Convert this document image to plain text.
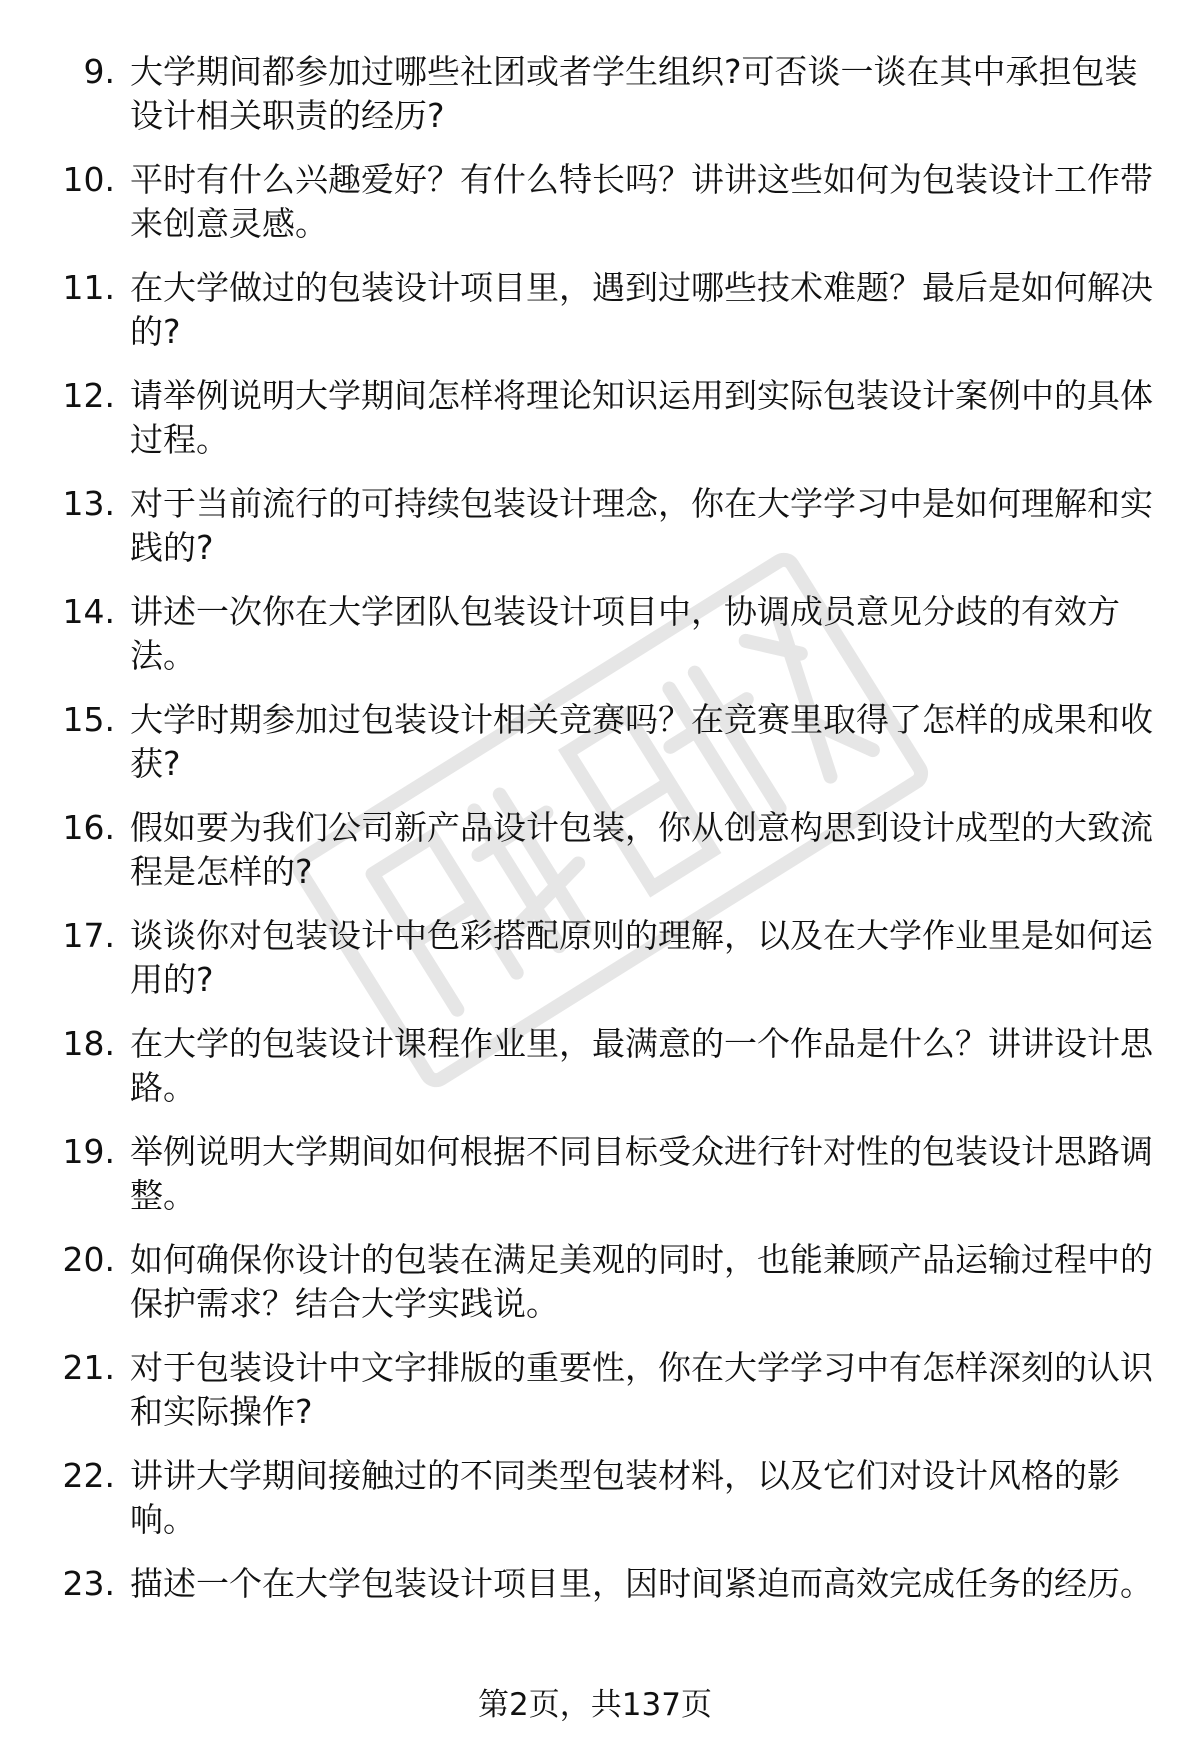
9. 大学期间都参加过哪些社团或者学生组织?可否谈一谈在其中承担包装设计相关职责的经历?
10. 平时有什么兴趣爱好？有什么特长吗？讲讲这些如何为包装设计工作带来创意灵感。
11. 在大学做过的包装设计项目里，遇到过哪些技术难题？最后是如何解决的?
12. 请举例说明大学期间怎样将理论知识运用到实际包装设计案例中的具体过程。
13. 对于当前流行的可持续包装设计理念，你在大学学习中是如何理解和实践的?
14. 讲述一次你在大学团队包装设计项目中，协调成员意见分歧的有效方法。
15. 大学时期参加过包装设计相关竞赛吗？在竞赛里取得了怎样的成果和收获?
16. 假如要为我们公司新产品设计包装，你从创意构思到设计成型的大致流程是怎样的?
17. 谈谈你对包装设计中色彩搭配原则的理解，以及在大学作业里是如何运用的?
18. 在大学的包装设计课程作业里，最满意的一个作品是什么？讲讲设计思路。
19. 举例说明大学期间如何根据不同目标受众进行针对性的包装设计思路调整。
20. 如何确保你设计的包装在满足美观的同时，也能兼顾产品运输过程中的保护需求？结合大学实践说。
21. 对于包装设计中文字排版的重要性，你在大学学习中有怎样深刻的认识和实际操作?
22. 讲讲大学期间接触过的不同类型包装材料，以及它们对设计风格的影响。
23. 描述一个在大学包装设计项目里，因时间紧迫而高效完成任务的经历。
第2页，共137页
